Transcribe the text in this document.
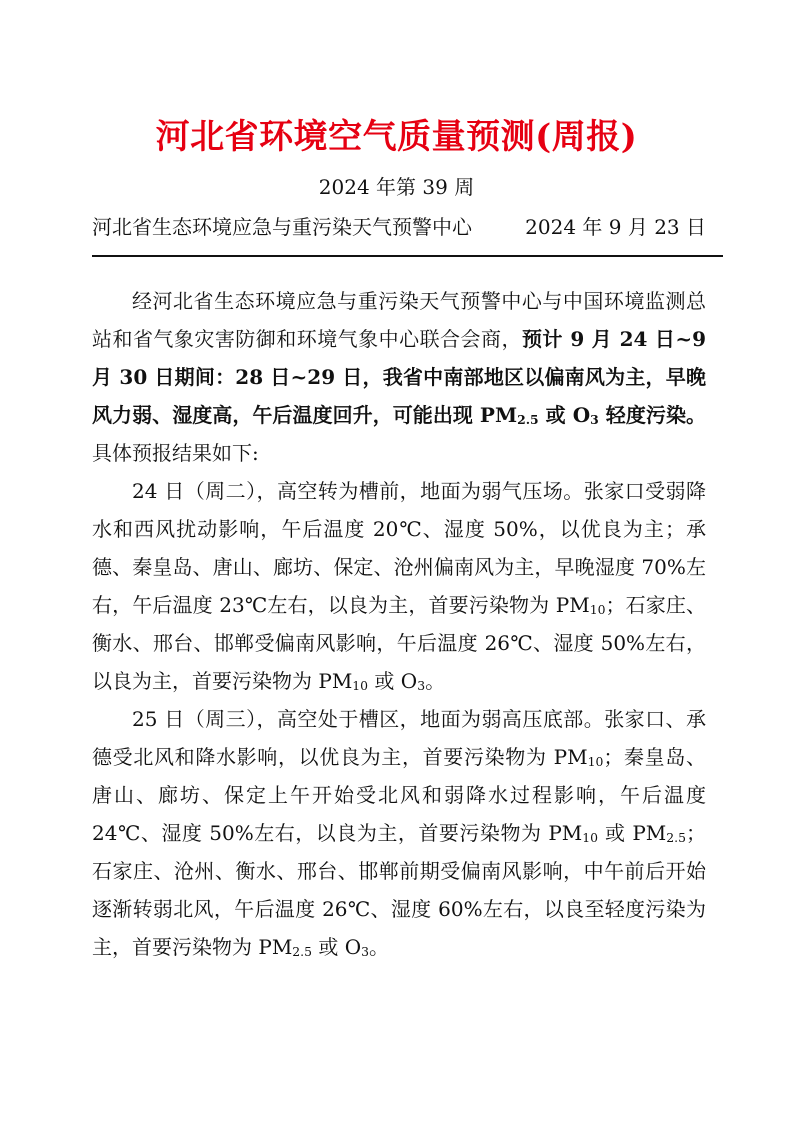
河北省环境空气质量预测(周报)
2024 年第 39 周
河北省生态环境应急与重污染天气预警中心	2024 年 9 月 23 日

经河北省生态环境应急与重污染天气预警中心与中国环境监测总站和省气象灾害防御和环境气象中心联合会商，预计 9 月 24 日~9 月 30 日期间：28 日~29 日，我省中南部地区以偏南风为主，早晚风力弱、湿度高，午后温度回升，可能出现 $PM_{2.5}$ 或 $O_3$ 轻度污染。具体预报结果如下:

24 日（周二），高空转为槽前，地面为弱气压场。张家口受弱降水和西风扰动影响，午后温度 20℃、湿度 50%，以优良为主；承德、秦皇岛、唐山、廊坊、保定、沧州偏南风为主，早晚湿度 70%左右，午后温度 23℃左右，以良为主，首要污染物为 $PM_{10}$；石家庄、衡水、邢台、邯郸受偏南风影响，午后温度 26℃、湿度 50%左右，以良为主，首要污染物为 $PM_{10}$ 或 $O_3$。

25 日（周三），高空处于槽区，地面为弱高压底部。张家口、承德受北风和降水影响，以优良为主，首要污染物为 $PM_{10}$；秦皇岛、唐山、廊坊、保定上午开始受北风和弱降水过程影响，午后温度 24℃、湿度 50%左右，以良为主，首要污染物为 $PM_{10}$ 或 $PM_{2.5}$；石家庄、沧州、衡水、邢台、邯郸前期受偏南风影响，中午前后开始逐渐转弱北风，午后温度 26℃、湿度 60%左右，以良至轻度污染为主，首要污染物为 $PM_{2.5}$ 或 $O_3$。
